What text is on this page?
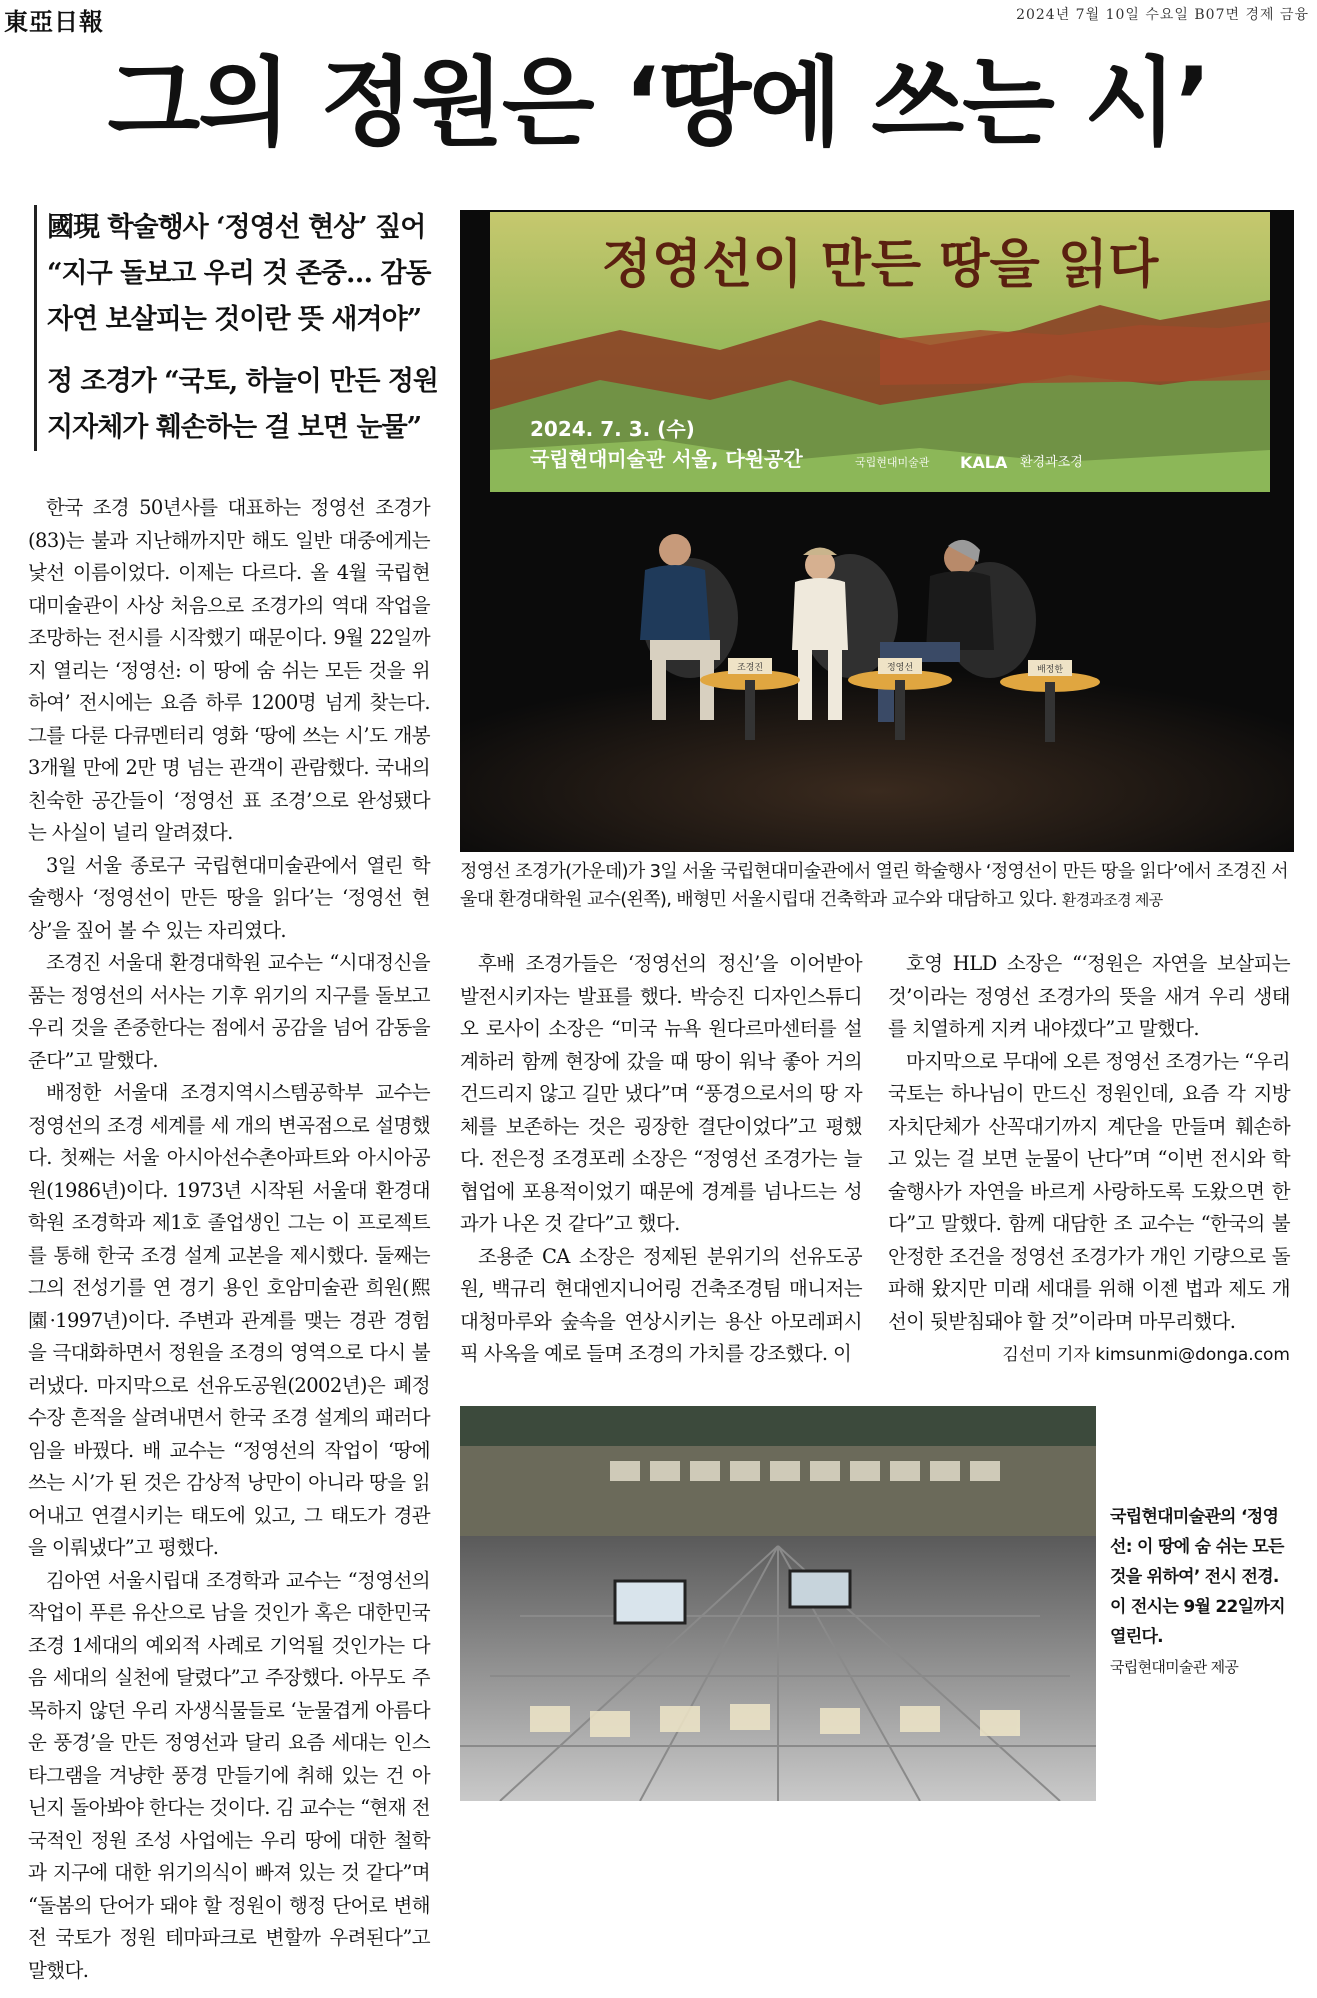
東亞日報	2024년 7월 10일 수요일 B07면 경제 금융
그의 정원은 ‘땅에 쓰는 시’
國現 학술행사 ‘정영선 현상’ 짚어
“지구 돌보고 우리 것 존중… 감동
자연 보살피는 것이란 뜻 새겨야”
정 조경가 “국토, 하늘이 만든 정원
지자체가 훼손하는 걸 보면 눈물”

한국 조경 50년사를 대표하는 정영선 조경가(83)는 불과 지난해까지만 해도 일반 대중에게는 낯선 이름이었다. 이제는 다르다. 올 4월 국립현대미술관이 사상 처음으로 조경가의 역대 작업을 조망하는 전시를 시작했기 때문이다. 9월 22일까지 열리는 ‘정영선: 이 땅에 숨 쉬는 모든 것을 위하여’ 전시에는 요즘 하루 1200명 넘게 찾는다. 그를 다룬 다큐멘터리 영화 ‘땅에 쓰는 시’도 개봉 3개월 만에 2만 명 넘는 관객이 관람했다. 국내의 친숙한 공간들이 ‘정영선 표 조경’으로 완성됐다는 사실이 널리 알려졌다.

3일 서울 종로구 국립현대미술관에서 열린 학술행사 ‘정영선이 만든 땅을 읽다’는 ‘정영선 현상’을 짚어 볼 수 있는 자리였다.

조경진 서울대 환경대학원 교수는 “시대정신을 품는 정영선의 서사는 기후 위기의 지구를 돌보고 우리 것을 존중한다는 점에서 공감을 넘어 감동을 준다”고 말했다.

배정한 서울대 조경지역시스템공학부 교수는 정영선의 조경 세계를 세 개의 변곡점으로 설명했다. 첫째는 서울 아시아선수촌아파트와 아시아공원(1986년)이다. 1973년 시작된 서울대 환경대학원 조경학과 제1호 졸업생인 그는 이 프로젝트를 통해 한국 조경 설계 교본을 제시했다. 둘째는 그의 전성기를 연 경기 용인 호암미술관 희원(熙園·1997년)이다. 주변과 관계를 맺는 경관 경험을 극대화하면서 정원을 조경의 영역으로 다시 불러냈다. 마지막으로 선유도공원(2002년)은 폐정수장 흔적을 살려내면서 한국 조경 설계의 패러다임을 바꿨다. 배 교수는 “정영선의 작업이 ‘땅에 쓰는 시’가 된 것은 감상적 낭만이 아니라 땅을 읽어내고 연결시키는 태도에 있고, 그 태도가 경관을 이뤄냈다”고 평했다.

김아연 서울시립대 조경학과 교수는 “정영선의 작업이 푸른 유산으로 남을 것인가 혹은 대한민국 조경 1세대의 예외적 사례로 기억될 것인가는 다음 세대의 실천에 달렸다”고 주장했다. 아무도 주목하지 않던 우리 자생식물들로 ‘눈물겹게 아름다운 풍경’을 만든 정영선과 달리 요즘 세대는 인스타그램을 겨냥한 풍경 만들기에 취해 있는 건 아닌지 돌아봐야 한다는 것이다. 김 교수는 “현재 전국적인 정원 조성 사업에는 우리 땅에 대한 철학과 지구에 대한 위기의식이 빠져 있는 것 같다”며 “돌봄의 단어가 돼야 할 정원이 행정 단어로 변해 전 국토가 정원 테마파크로 변할까 우려된다”고 말했다.

정영선이 만든 땅을 읽다
2024. 7. 3. (수)
국립현대미술관 서울, 다원공간	국립현대미술관 KALA 환경과조경
조경진	정영선	배정한
정영선 조경가(가운데)가 3일 서울 국립현대미술관에서 열린 학술행사 ‘정영선이 만든 땅을 읽다’에서 조경진 서울대 환경대학원 교수(왼쪽), 배형민 서울시립대 건축학과 교수와 대담하고 있다. 환경과조경 제공

후배 조경가들은 ‘정영선의 정신’을 이어받아 발전시키자는 발표를 했다. 박승진 디자인스튜디오 로사이 소장은 “미국 뉴욕 원다르마센터를 설계하러 함께 현장에 갔을 때 땅이 워낙 좋아 거의 건드리지 않고 길만 냈다”며 “풍경으로서의 땅 자체를 보존하는 것은 굉장한 결단이었다”고 평했다. 전은정 조경포레 소장은 “정영선 조경가는 늘 협업에 포용적이었기 때문에 경계를 넘나드는 성과가 나온 것 같다”고 했다.

조용준 CA 소장은 정제된 분위기의 선유도공원, 백규리 현대엔지니어링 건축조경팀 매니저는 대청마루와 숲속을 연상시키는 용산 아모레퍼시픽 사옥을 예로 들며 조경의 가치를 강조했다. 이

호영 HLD 소장은 “‘정원은 자연을 보살피는 것’이라는 정영선 조경가의 뜻을 새겨 우리 생태를 치열하게 지켜 내야겠다”고 말했다.

마지막으로 무대에 오른 정영선 조경가는 “우리 국토는 하나님이 만드신 정원인데, 요즘 각 지방자치단체가 산꼭대기까지 계단을 만들며 훼손하고 있는 걸 보면 눈물이 난다”며 “이번 전시와 학술행사가 자연을 바르게 사랑하도록 도왔으면 한다”고 말했다. 함께 대담한 조 교수는 “한국의 불안정한 조건을 정영선 조경가가 개인 기량으로 돌파해 왔지만 미래 세대를 위해 이젠 법과 제도 개선이 뒷받침돼야 할 것”이라며 마무리했다.

김선미 기자 kimsunmi@donga.com
국립현대미술관의 ‘정영선: 이 땅에 숨 쉬는 모든 것을 위하여’ 전시 전경. 이 전시는 9월 22일까지 열린다.
국립현대미술관 제공
